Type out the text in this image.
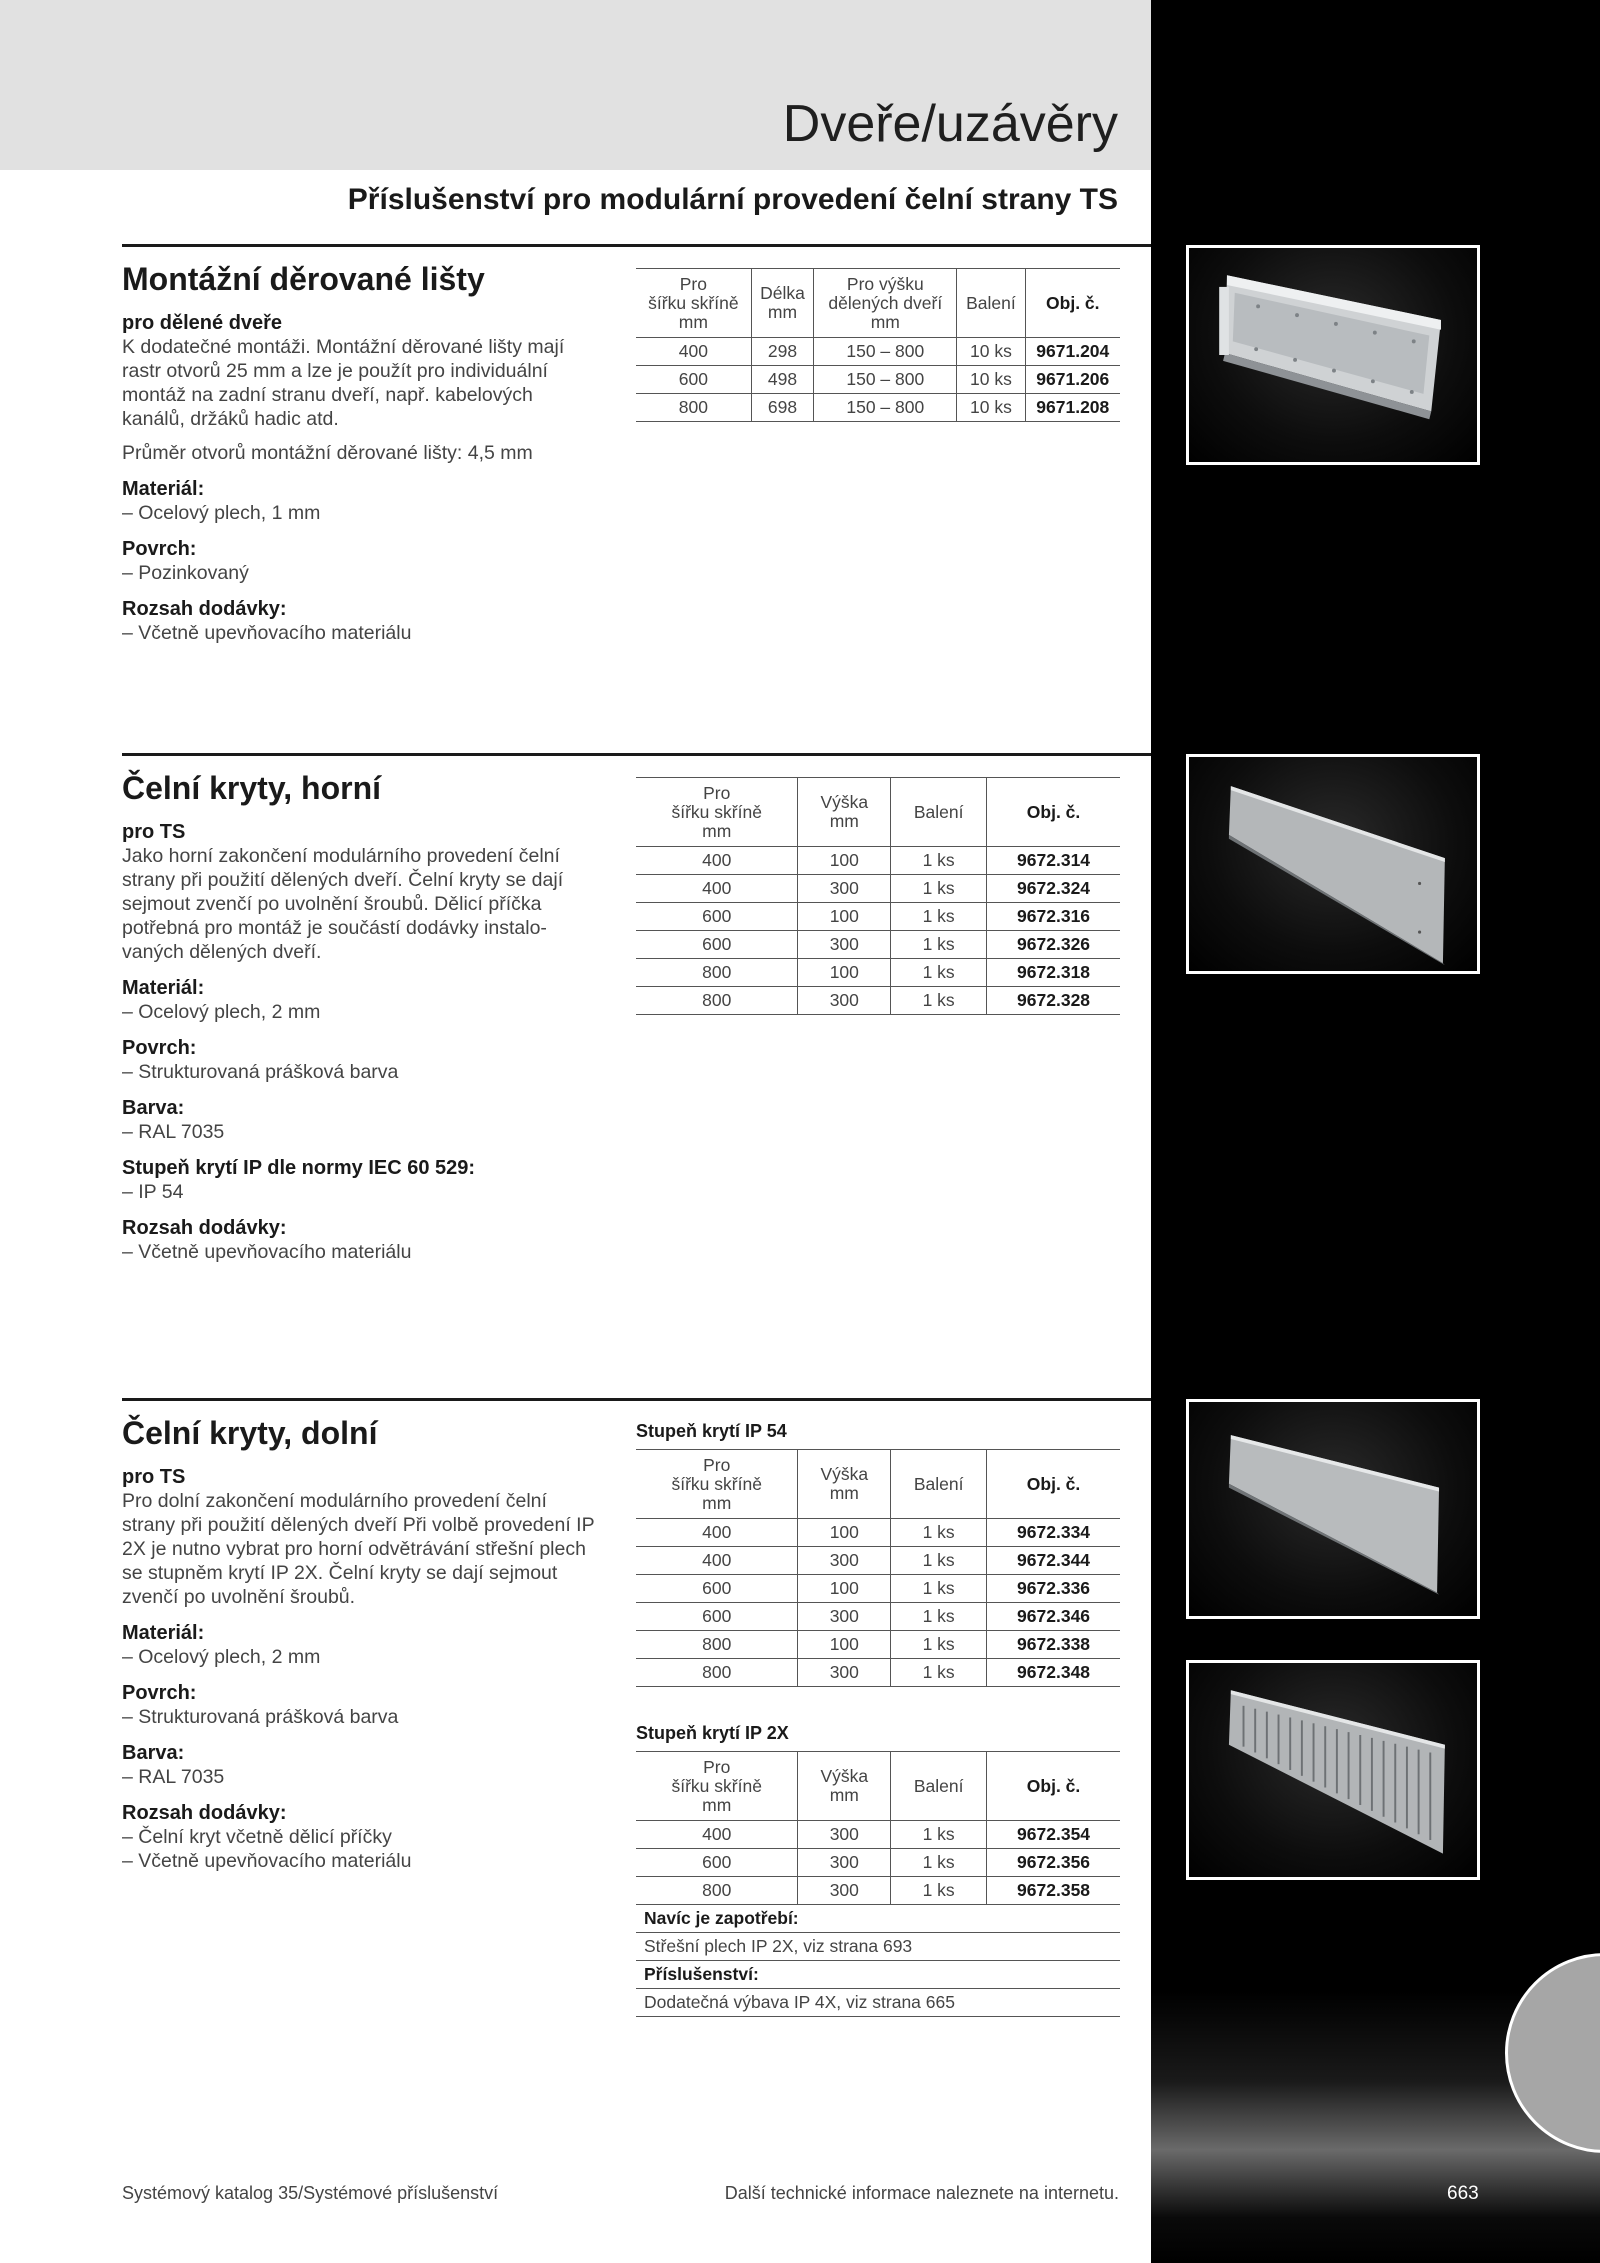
Dveře/uzávěry
Příslušenství pro modulární provedení čelní strany TS
Montážní děrované lišty

pro dělené dveře

K dodatečné montáži. Montážní děrované lišty mají rastr otvorů 25 mm a lze je použít pro individuální montáž na zadní stranu dveří, např. kabelových kanálů, držáků hadic atd.

Průměr otvorů montážní děrované lišty: 4,5 mm

Materiál:

– Ocelový plech, 1 mm

Povrch:

– Pozinkovaný

Rozsah dodávky:

– Včetně upevňovacího materiálu

Pro
šířku skříně
mm	Délka
mm	Pro výšku
dělených dveří
mm	Balení	Obj. č.
400	298	150 – 800	10 ks	9671.204
600	498	150 – 800	10 ks	9671.206
800	698	150 – 800	10 ks	9671.208
Čelní kryty, horní

pro TS

Jako horní zakončení modulárního provedení čelní strany při použití dělených dveří. Čelní kryty se dají sejmout zvenčí po uvolnění šroubů. Dělicí příčka potřebná pro montáž je součástí dodávky instalovaných dělených dveří.

Materiál:

– Ocelový plech, 2 mm

Povrch:

– Strukturovaná prášková barva

Barva:

– RAL 7035

Stupeň krytí IP dle normy IEC 60 529:

– IP 54

Rozsah dodávky:

– Včetně upevňovacího materiálu

Pro
šířku skříně
mm	Výška
mm	Balení	Obj. č.
400	100	1 ks	9672.314
400	300	1 ks	9672.324
600	100	1 ks	9672.316
600	300	1 ks	9672.326
800	100	1 ks	9672.318
800	300	1 ks	9672.328
Čelní kryty, dolní

pro TS

Pro dolní zakončení modulárního provedení čelní strany při použití dělených dveří Při volbě provedení IP 2X je nutno vybrat pro horní odvětrávání střešní plech se stupněm krytí IP 2X. Čelní kryty se dají sejmout zvenčí po uvolnění šroubů.

Materiál:

– Ocelový plech, 2 mm

Povrch:

– Strukturovaná prášková barva

Barva:

– RAL 7035

Rozsah dodávky:

– Čelní kryt včetně dělicí příčky

– Včetně upevňovacího materiálu

Stupeň krytí IP 54
Pro
šířku skříně
mm	Výška
mm	Balení	Obj. č.
400	100	1 ks	9672.334
400	300	1 ks	9672.344
600	100	1 ks	9672.336
600	300	1 ks	9672.346
800	100	1 ks	9672.338
800	300	1 ks	9672.348
Stupeň krytí IP 2X
Pro
šířku skříně
mm	Výška
mm	Balení	Obj. č.
400	300	1 ks	9672.354
600	300	1 ks	9672.356
800	300	1 ks	9672.358
Navíc je zapotřebí:
Střešní plech IP 2X, viz strana 693
Příslušenství:
Dodatečná výbava IP 4X, viz strana 665
Systémový katalog 35/Systémové příslušenství	Další technické informace naleznete na internetu.	663
